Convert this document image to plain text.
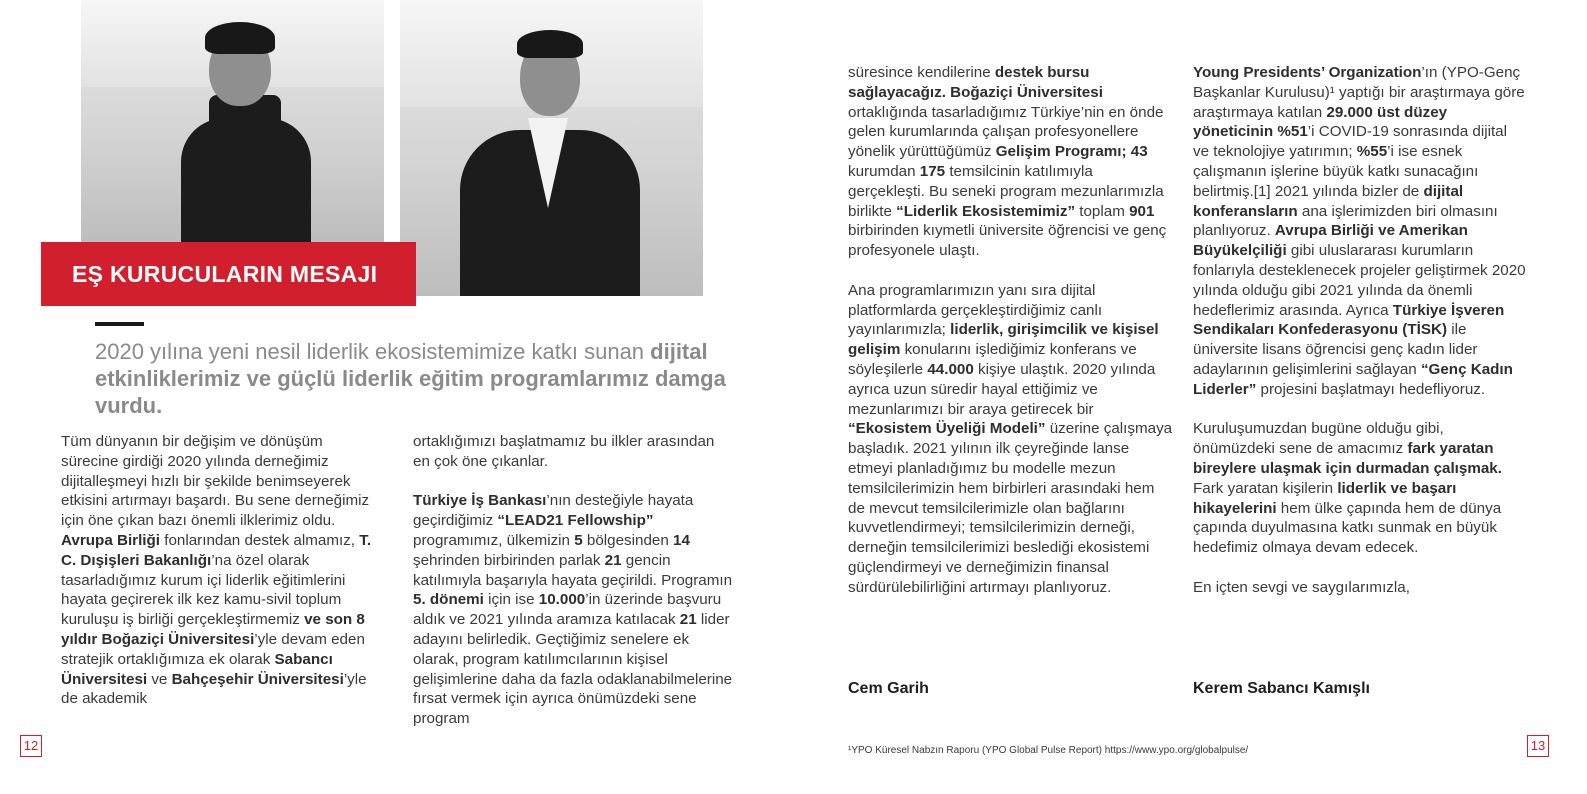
EŞ KURUCULARIN MESAJI

2020 yılına yeni nesil liderlik ekosistemimize katkı sunan dijital etkinliklerimiz ve güçlü liderlik eğitim programlarımız damga vurdu.

Tüm dünyanın bir değişim ve dönüşüm sürecine girdiği 2020 yılında derneğimiz dijitalleşmeyi hızlı bir şekilde benimseyerek etkisini artırmayı başardı. Bu sene derneğimiz için öne çıkan bazı önemli ilklerimiz oldu. Avrupa Birliği fonlarından destek almamız, T. C. Dışişleri Bakanlığı’na özel olarak tasarladığımız kurum içi liderlik eğitimlerini hayata geçirerek ilk kez kamu-sivil toplum kuruluşu iş birliği gerçekleştirmemiz ve son 8 yıldır Boğaziçi Üniversitesi’yle devam eden stratejik ortaklığımıza ek olarak Sabancı Üniversitesi ve Bahçeşehir Üniversitesi’yle de akademik

ortaklığımızı başlatmamız bu ilkler arasından en çok öne çıkanlar.

Türkiye İş Bankası’nın desteğiyle hayata geçirdiğimiz “LEAD21 Fellowship” programımız, ülkemizin 5 bölgesinden 14 şehrinden birbirinden parlak 21 gencin katılımıyla başarıyla hayata geçirildi. Programın 5. dönemi için ise 10.000’in üzerinde başvuru aldık ve 2021 yılında aramıza katılacak 21 lider adayını belirledik. Geçtiğimiz senelere ek olarak, program katılımcılarının kişisel gelişimlerine daha da fazla odaklanabilmelerine fırsat vermek için ayrıca önümüzdeki sene program

süresince kendilerine destek bursu sağlayacağız. Boğaziçi Üniversitesi ortaklığında tasarladığımız Türkiye’nin en önde gelen kurumlarında çalışan profesyonellere yönelik yürüttüğümüz Gelişim Programı; 43 kurumdan 175 temsilcinin katılımıyla gerçekleşti. Bu seneki program mezunlarımızla birlikte “Liderlik Ekosistemimiz” toplam 901 birbirinden kıymetli üniversite öğrencisi ve genç profesyonele ulaştı.

Ana programlarımızın yanı sıra dijital platformlarda gerçekleştirdiğimiz canlı yayınlarımızla; liderlik, girişimcilik ve kişisel gelişim konularını işlediğimiz konferans ve söyleşilerle 44.000 kişiye ulaştık. 2020 yılında ayrıca uzun süredir hayal ettiğimiz ve mezunlarımızı bir araya getirecek bir “Ekosistem Üyeliği Modeli” üzerine çalışmaya başladık. 2021 yılının ilk çeyreğinde lanse etmeyi planladığımız bu modelle mezun temsilcilerimizin hem birbirleri arasındaki hem de mevcut temsilcilerimizle olan bağlarını kuvvetlendirmeyi; temsilcilerimizin derneği, derneğin temsilcilerimizi beslediği ekosistemi güçlendirmeyi ve derneğimizin finansal sürdürülebilirliğini artırmayı planlıyoruz.

Young Presidents’ Organization’ın (YPO-Genç Başkanlar Kurulusu)¹ yaptığı bir araştırmaya göre araştırmaya katılan 29.000 üst düzey yöneticinin %51’i COVID-19 sonrasında dijital ve teknolojiye yatırımın; %55’i ise esnek çalışmanın işlerine büyük katkı sunacağını belirtmiş.[1] 2021 yılında bizler de dijital konferansların ana işlerimizden biri olmasını planlıyoruz. Avrupa Birliği ve Amerikan Büyükelçiliği gibi uluslararası kurumların fonlarıyla desteklenecek projeler geliştirmek 2020 yılında olduğu gibi 2021 yılında da önemli hedeflerimiz arasında. Ayrıca Türkiye İşveren Sendikaları Konfederasyonu (TİSK) ile üniversite lisans öğrencisi genç kadın lider adaylarının gelişimlerini sağlayan “Genç Kadın Liderler” projesini başlatmayı hedefliyoruz.

Kuruluşumuzdan bugüne olduğu gibi, önümüzdeki sene de amacımız fark yaratan bireylere ulaşmak için durmadan çalışmak. Fark yaratan kişilerin liderlik ve başarı hikayelerini hem ülke çapında hem de dünya çapında duyulmasına katkı sunmak en büyük hedefimiz olmaya devam edecek.

En içten sevgi ve saygılarımızla,

Cem Garih	Kerem Sabancı Kamışlı
¹YPO Küresel Nabzın Raporu (YPO Global Pulse Report) https://www.ypo.org/globalpulse/
12	13
